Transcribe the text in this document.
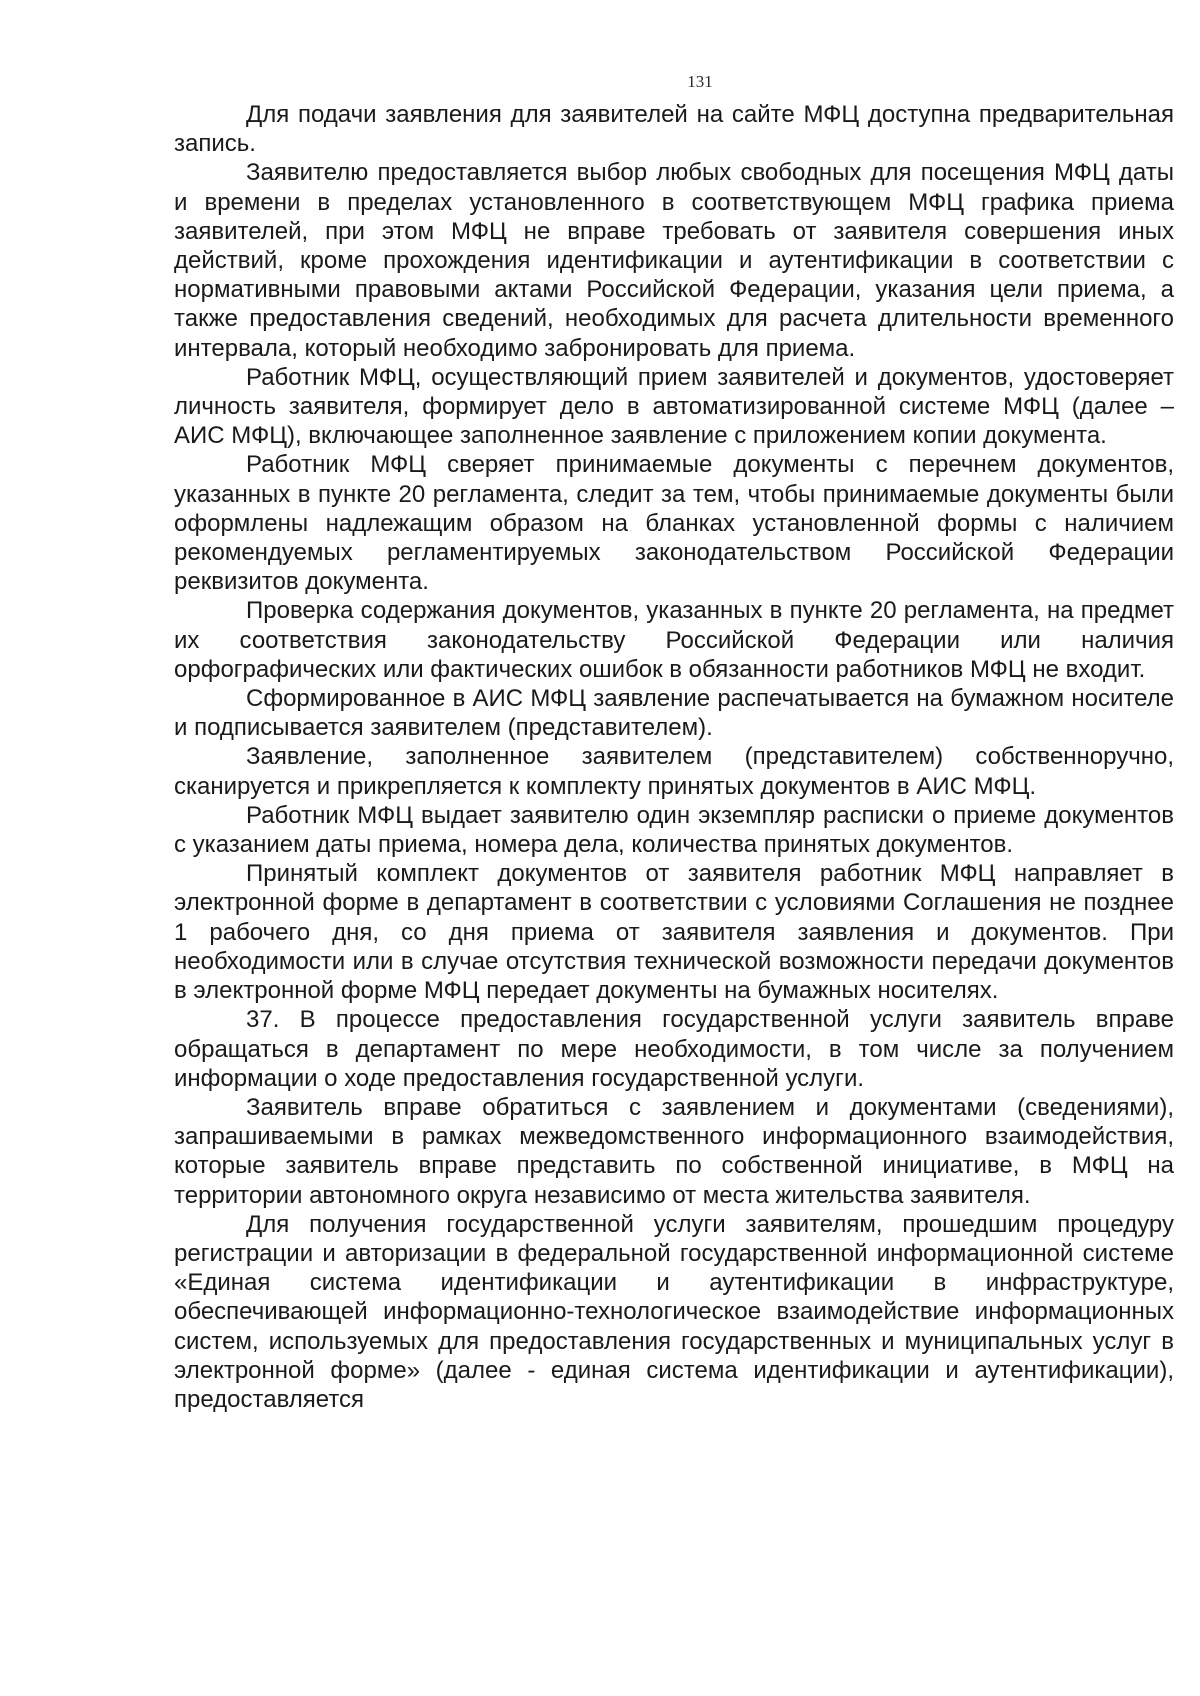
131

Для подачи заявления для заявителей на сайте МФЦ доступна предварительная запись.

Заявителю предоставляется выбор любых свободных для посещения МФЦ даты и времени в пределах установленного в соответствующем МФЦ графика приема заявителей, при этом МФЦ не вправе требовать от заявителя совершения иных действий, кроме прохождения идентификации и аутентификации в соответствии с нормативными правовыми актами Российской Федерации, указания цели приема, а также предоставления сведений, необходимых для расчета длительности временного интервала, который необходимо забронировать для приема.

Работник МФЦ, осуществляющий прием заявителей и документов, удостоверяет личность заявителя, формирует дело в автоматизированной системе МФЦ (далее – АИС МФЦ), включающее заполненное заявление с приложением копии документа.

Работник МФЦ сверяет принимаемые документы с перечнем документов, указанных в пункте 20 регламента, следит за тем, чтобы принимаемые документы были оформлены надлежащим образом на бланках установленной формы с наличием рекомендуемых регламентируемых законодательством Российской Федерации реквизитов документа.

Проверка содержания документов, указанных в пункте 20 регламента, на предмет их соответствия законодательству Российской Федерации или наличия орфографических или фактических ошибок в обязанности работников МФЦ не входит.

Сформированное в АИС МФЦ заявление распечатывается на бумажном носителе и подписывается заявителем (представителем).

Заявление, заполненное заявителем (представителем) собственноручно, сканируется и прикрепляется к комплекту принятых документов в АИС МФЦ.

Работник МФЦ выдает заявителю один экземпляр расписки о приеме документов с указанием даты приема, номера дела, количества принятых документов.

Принятый комплект документов от заявителя работник МФЦ направляет в электронной форме в департамент в соответствии с условиями Соглашения не позднее 1 рабочего дня, со дня приема от заявителя заявления и документов. При необходимости или в случае отсутствия технической возможности передачи документов в электронной форме МФЦ передает документы на бумажных носителях.

37. В процессе предоставления государственной услуги заявитель вправе обращаться в департамент по мере необходимости, в том числе за получением информации о ходе предоставления государственной услуги.

Заявитель вправе обратиться с заявлением и документами (сведениями), запрашиваемыми в рамках межведомственного информационного взаимодействия, которые заявитель вправе представить по собственной инициативе, в МФЦ на территории автономного округа независимо от места жительства заявителя.

Для получения государственной услуги заявителям, прошедшим процедуру регистрации и авторизации в федеральной государственной информационной системе «Единая система идентификации и аутентификации в инфраструктуре, обеспечивающей информационно-технологическое взаимодействие информационных систем, используемых для предоставления государственных и муниципальных услуг в электронной форме» (далее - единая система идентификации и аутентификации), предоставляется
